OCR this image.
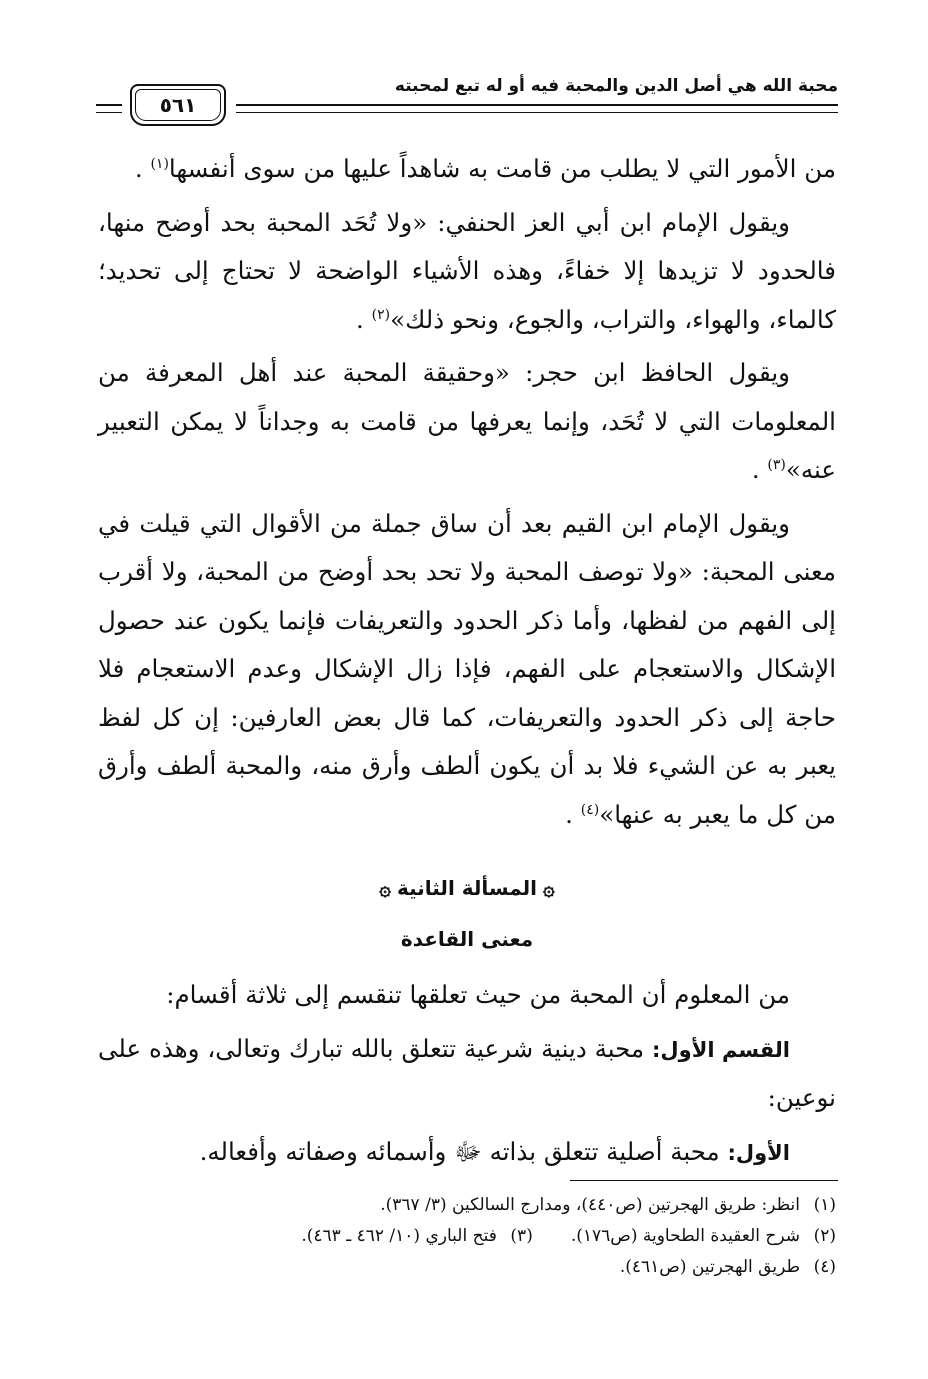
محبة الله هي أصل الدين والمحبة فيه أو له تبع لمحبته
٥٦١

من الأمور التي لا يطلب من قامت به شاهداً عليها من سوى أنفسها$^{(١)}$ .

ويقول الإمام ابن أبي العز الحنفي: «ولا تُحَد المحبة بحد أوضح منها، فالحدود لا تزيدها إلا خفاءً، وهذه الأشياء الواضحة لا تحتاج إلى تحديد؛ كالماء، والهواء، والتراب، والجوع، ونحو ذلك»$^{(٢)}$ .

ويقول الحافظ ابن حجر: «وحقيقة المحبة عند أهل المعرفة من المعلومات التي لا تُحَد، وإنما يعرفها من قامت به وجداناً لا يمكن التعبير عنه»$^{(٣)}$ .

ويقول الإمام ابن القيم بعد أن ساق جملة من الأقوال التي قيلت في معنى المحبة: «ولا توصف المحبة ولا تحد بحد أوضح من المحبة، ولا أقرب إلى الفهم من لفظها، وأما ذكر الحدود والتعريفات فإنما يكون عند حصول الإشكال والاستعجام على الفهم، فإذا زال الإشكال وعدم الاستعجام فلا حاجة إلى ذكر الحدود والتعريفات، كما قال بعض العارفين: إن كل لفظ يعبر به عن الشيء فلا بد أن يكون ألطف وأرق منه، والمحبة ألطف وأرق من كل ما يعبر به عنها»$^{(٤)}$ .

۞المسألة الثانية۞
معنى القاعدة

من المعلوم أن المحبة من حيث تعلقها تنقسم إلى ثلاثة أقسام:

القسم الأول: محبة دينية شرعية تتعلق بالله تبارك وتعالى، وهذه على نوعين:

الأول: محبة أصلية تتعلق بذاته ﷻ وأسمائه وصفاته وأفعاله.

(١)انظر: طريق الهجرتين (ص٤٤٠)، ومدارج السالكين (٣/ ٣٦٧).
(٢)شرح العقيدة الطحاوية (ص١٧٦).(٣)فتح الباري (١٠/ ٤٦٢ ـ ٤٦٣).
(٤)طريق الهجرتين (ص٤٦١).
